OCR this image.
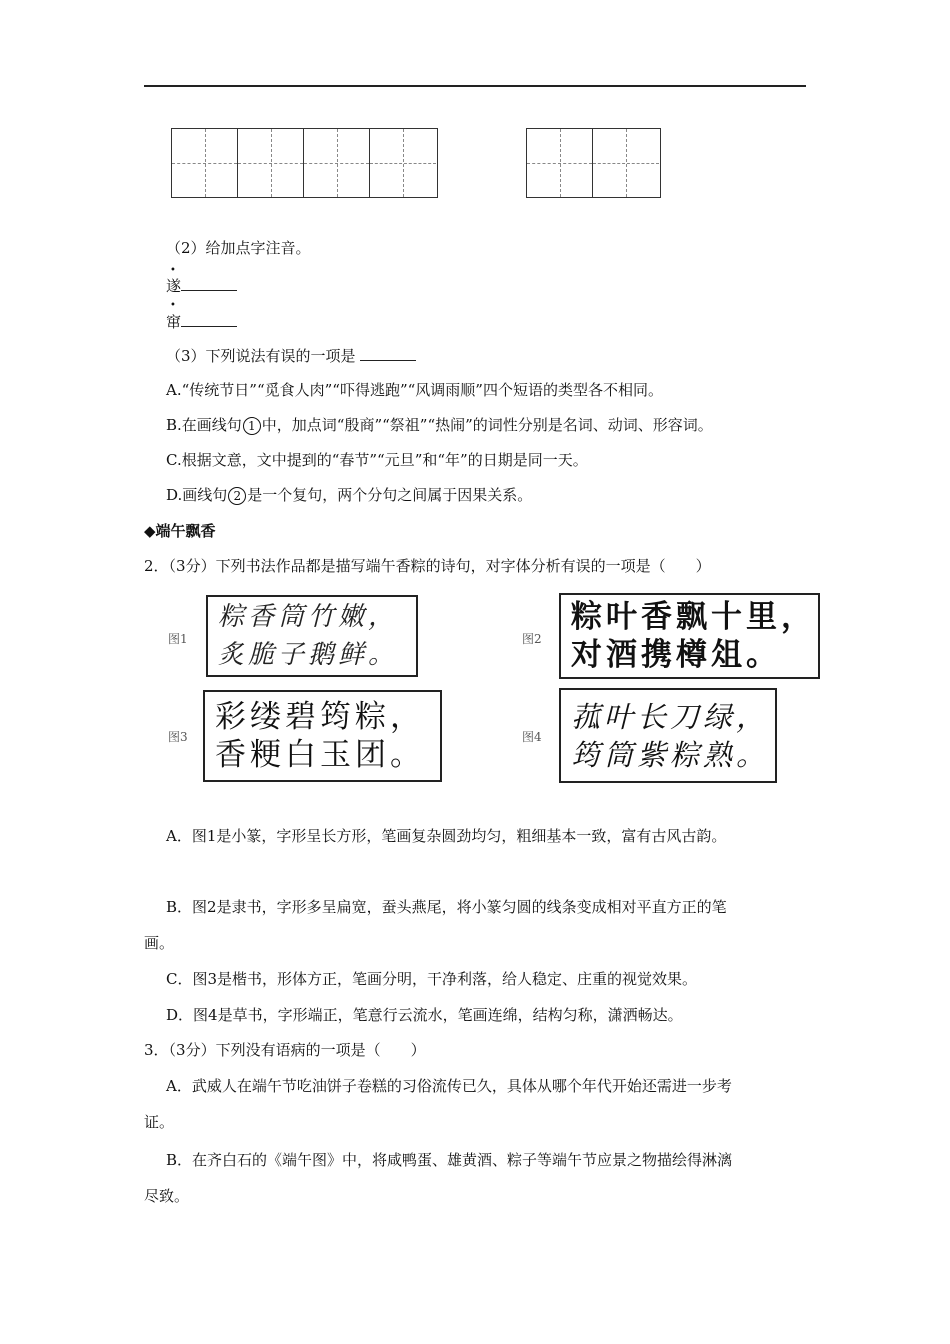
（2）给加点字注音。
•
遂
•
窜
（3）下列说法有误的一项是
A.“传统节日”“觅食人肉”“吓得逃跑”“风调雨顺”四个短语的类型各不相同。
B.在画线句 1 中，加点词“殷商”“祭祖”“热闹”的词性分别是名词、动词、形容词。
C.根据文意，文中提到的“春节”“元旦”和“年”的日期是同一天。
D.画线句 2 是一个复句，两个分句之间属于因果关系。
◆端午飘香
2．（3分）下列书法作品都是描写端午香粽的诗句，对字体分析有误的一项是（　　）
图1
粽香筒竹嫩，
炙脆子鹅鲜。
图2
粽叶香飘十里，
对酒携樽俎。
图3
彩缕碧筠粽，
香粳白玉团。	图4
菰叶长刀绿，
筠筒紫粽熟。
A．图1是小篆，字形呈长方形，笔画复杂圆劲均匀，粗细基本一致，富有古风古韵。
B．图2是隶书，字形多呈扁宽，蚕头燕尾，将小篆匀圆的线条变成相对平直方正的笔
画。
C．图3是楷书，形体方正，笔画分明，干净利落，给人稳定、庄重的视觉效果。
D．图4是草书，字形端正，笔意行云流水，笔画连绵，结构匀称，潇洒畅达。
3．（3分）下列没有语病的一项是（　　）
A．武威人在端午节吃油饼子卷糕的习俗流传已久，具体从哪个年代开始还需进一步考
证。
B．在齐白石的《端午图》中，将咸鸭蛋、雄黄酒、粽子等端午节应景之物描绘得淋漓
尽致。
